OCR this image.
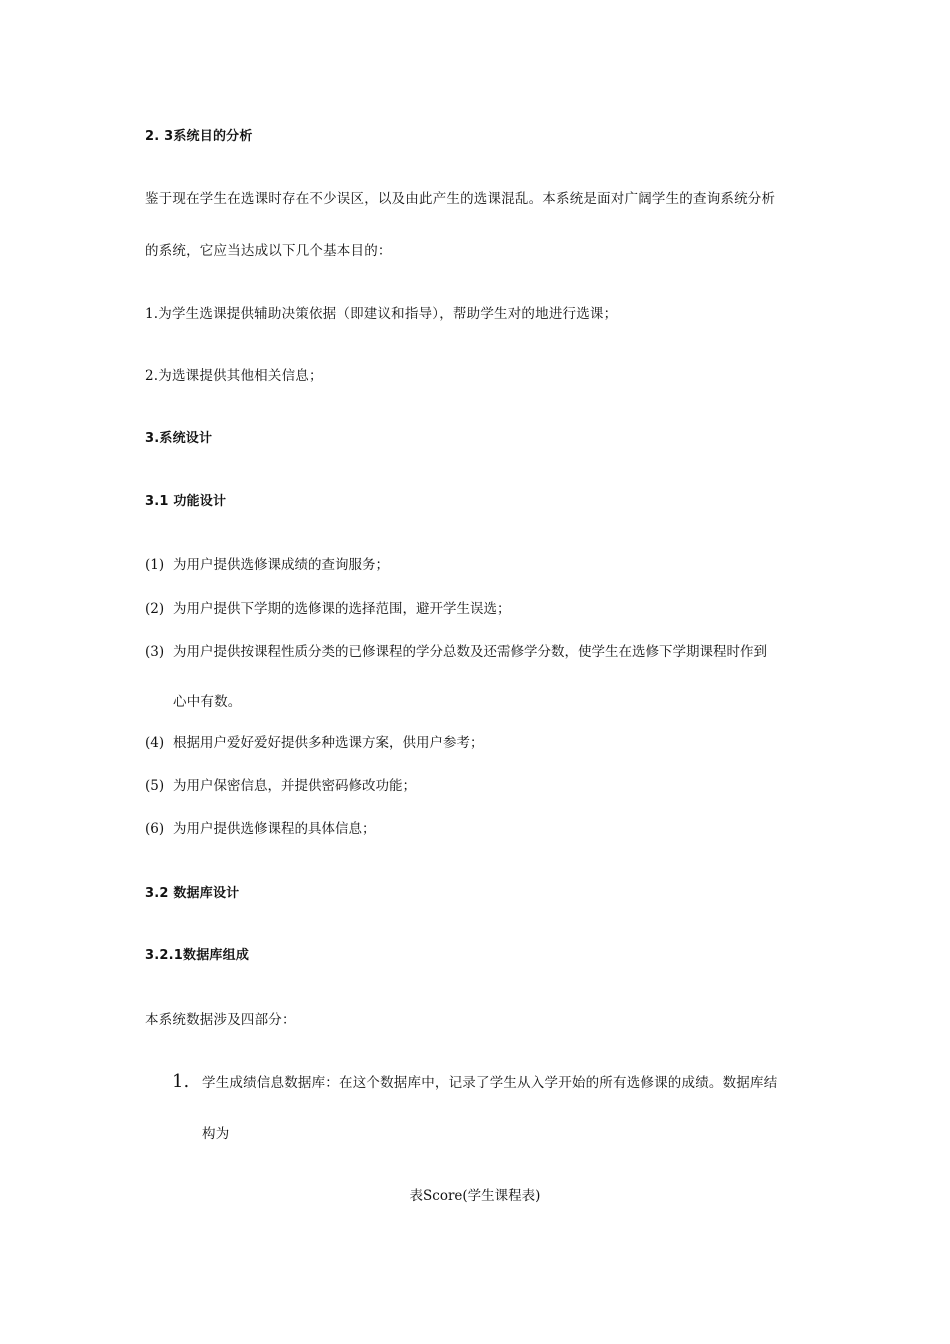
2. 3系统目的分析
鉴于现在学生在选课时存在不少误区，以及由此产生的选课混乱。本系统是面对广阔学生的查询系统分析
的系统，它应当达成以下几个基本目的：
1.为学生选课提供辅助决策依据（即建议和指导），帮助学生对的地进行选课；
2.为选课提供其他相关信息；
3.系统设计
3.1 功能设计
(1) 为用户提供选修课成绩的查询服务；
(2) 为用户提供下学期的选修课的选择范围，避开学生误选；
(3) 为用户提供按课程性质分类的已修课程的学分总数及还需修学分数，使学生在选修下学期课程时作到
心中有数。
(4) 根据用户爱好爱好提供多种选课方案，供用户参考；
(5) 为用户保密信息，并提供密码修改功能；
(6) 为用户提供选修课程的具体信息；
3.2 数据库设计
3.2.1数据库组成
本系统数据涉及四部分：
1. 学生成绩信息数据库：在这个数据库中，记录了学生从入学开始的所有选修课的成绩。数据库结
构为
表Score(学生课程表)
